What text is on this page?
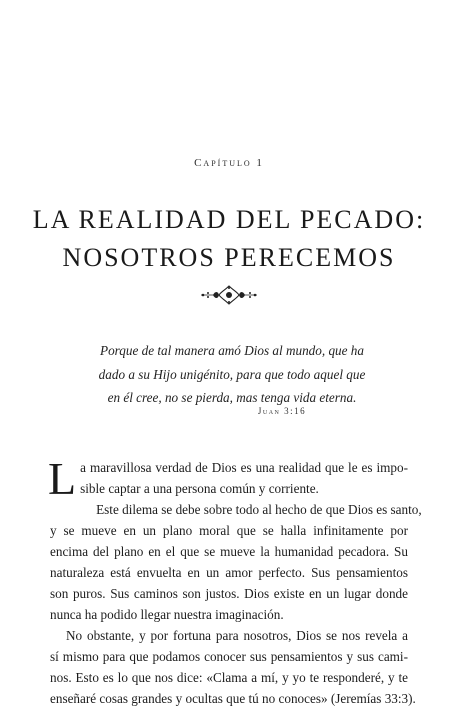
Capítulo 1
LA REALIDAD DEL PECADO:
NOSOTROS PERECEMOS
Porque de tal manera amó Dios al mundo, que ha
dado a su Hijo unigénito, para que todo aquel que
en él cree, no se pierda, mas tenga vida eterna.
Juan 3:16
L a maravillosa verdad de Dios es una realidad que le es impo-
sible captar a una persona común y corriente.
Este dilema se debe sobre todo al hecho de que Dios es santo,
y se mueve en un plano moral que se halla infinitamente por
encima del plano en el que se mueve la humanidad pecadora. Su
naturaleza está envuelta en un amor perfecto. Sus pensamientos
son puros. Sus caminos son justos. Dios existe en un lugar donde
nunca ha podido llegar nuestra imaginación.
No obstante, y por fortuna para nosotros, Dios se nos revela a
sí mismo para que podamos conocer sus pensamientos y sus cami-
nos. Esto es lo que nos dice: «Clama a mí, y yo te responderé, y te
enseñaré cosas grandes y ocultas que tú no conoces» (Jeremías 33:3).
